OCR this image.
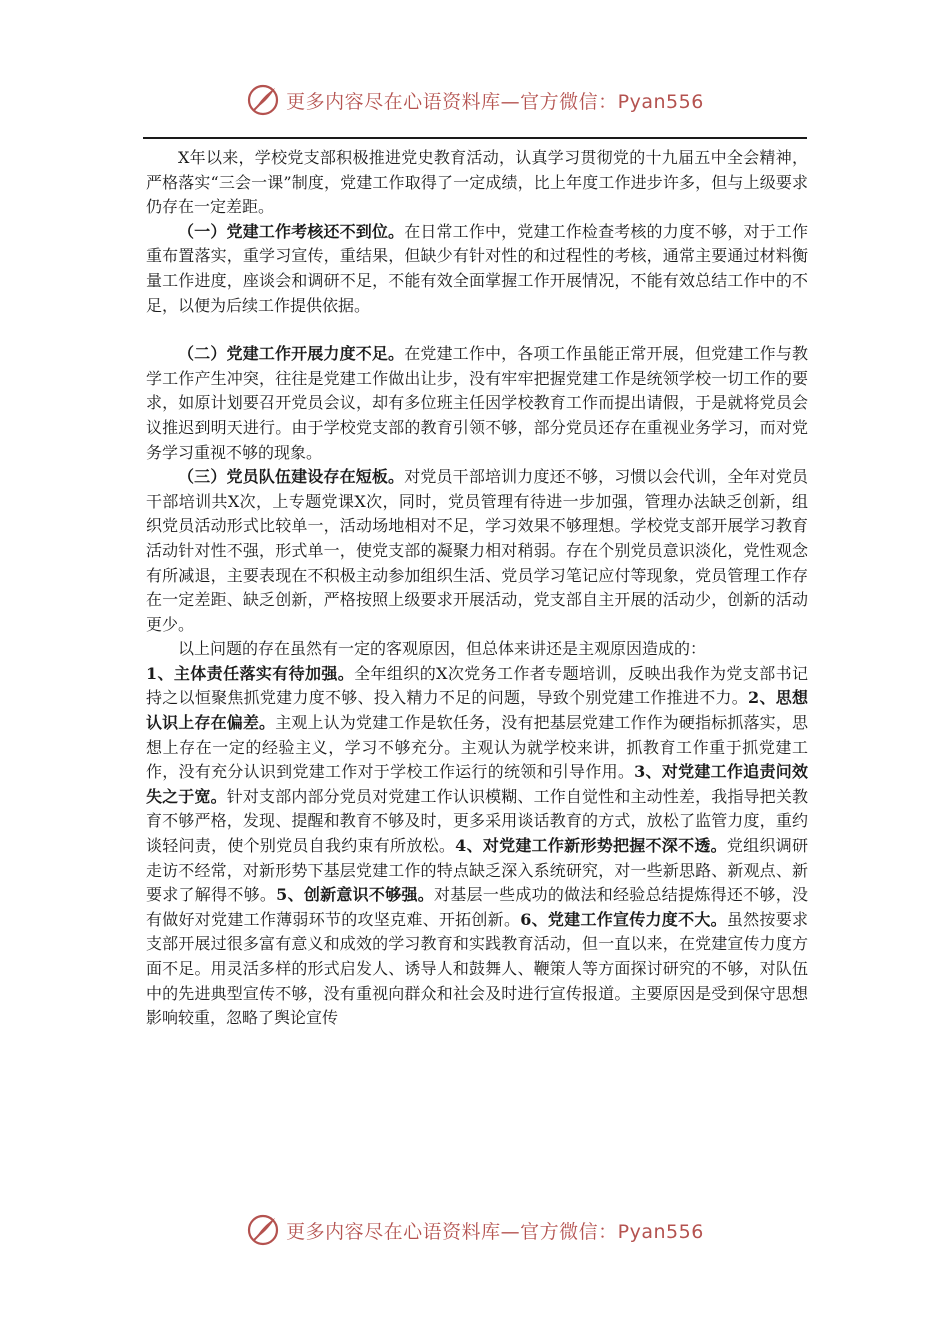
更多内容尽在心语资料库—官方微信：Pyan556

X年以来，学校党支部积极推进党史教育活动，认真学习贯彻党的十九届五中全会精神，严格落实“三会一课”制度，党建工作取得了一定成绩，比上年度工作进步许多，但与上级要求仍存在一定差距。

（一）党建工作考核还不到位。在日常工作中，党建工作检查考核的力度不够，对于工作重布置落实，重学习宣传，重结果，但缺少有针对性的和过程性的考核，通常主要通过材料衡量工作进度，座谈会和调研不足，不能有效全面掌握工作开展情况，不能有效总结工作中的不足，以便为后续工作提供依据。

（二）党建工作开展力度不足。在党建工作中，各项工作虽能正常开展，但党建工作与教学工作产生冲突，往往是党建工作做出让步，没有牢牢把握党建工作是统领学校一切工作的要求，如原计划要召开党员会议，却有多位班主任因学校教育工作而提出请假，于是就将党员会议推迟到明天进行。由于学校党支部的教育引领不够，部分党员还存在重视业务学习，而对党务学习重视不够的现象。

（三）党员队伍建设存在短板。对党员干部培训力度还不够，习惯以会代训，全年对党员干部培训共X次，上专题党课X次，同时，党员管理有待进一步加强，管理办法缺乏创新，组织党员活动形式比较单一，活动场地相对不足，学习效果不够理想。学校党支部开展学习教育活动针对性不强，形式单一，使党支部的凝聚力相对稍弱。存在个别党员意识淡化，党性观念有所减退，主要表现在不积极主动参加组织生活、党员学习笔记应付等现象，党员管理工作存在一定差距、缺乏创新，严格按照上级要求开展活动，党支部自主开展的活动少，创新的活动更少。

以上问题的存在虽然有一定的客观原因，但总体来讲还是主观原因造成的：

1、主体责任落实有待加强。全年组织的X次党务工作者专题培训，反映出我作为党支部书记持之以恒聚焦抓党建力度不够、投入精力不足的问题，导致个别党建工作推进不力。2、思想认识上存在偏差。主观上认为党建工作是软任务，没有把基层党建工作作为硬指标抓落实，思想上存在一定的经验主义，学习不够充分。主观认为就学校来讲，抓教育工作重于抓党建工作，没有充分认识到党建工作对于学校工作运行的统领和引导作用。3、对党建工作追责问效失之于宽。针对支部内部分党员对党建工作认识模糊、工作自觉性和主动性差，我指导把关教育不够严格，发现、提醒和教育不够及时，更多采用谈话教育的方式，放松了监管力度，重约谈轻问责，使个别党员自我约束有所放松。4、对党建工作新形势把握不深不透。党组织调研走访不经常，对新形势下基层党建工作的特点缺乏深入系统研究，对一些新思路、新观点、新要求了解得不够。5、创新意识不够强。对基层一些成功的做法和经验总结提炼得还不够，没有做好对党建工作薄弱环节的攻坚克难、开拓创新。6、党建工作宣传力度不大。虽然按要求支部开展过很多富有意义和成效的学习教育和实践教育活动，但一直以来，在党建宣传力度方面不足。用灵活多样的形式启发人、诱导人和鼓舞人、鞭策人等方面探讨研究的不够，对队伍中的先进典型宣传不够，没有重视向群众和社会及时进行宣传报道。主要原因是受到保守思想影响较重，忽略了舆论宣传

更多内容尽在心语资料库—官方微信：Pyan556
